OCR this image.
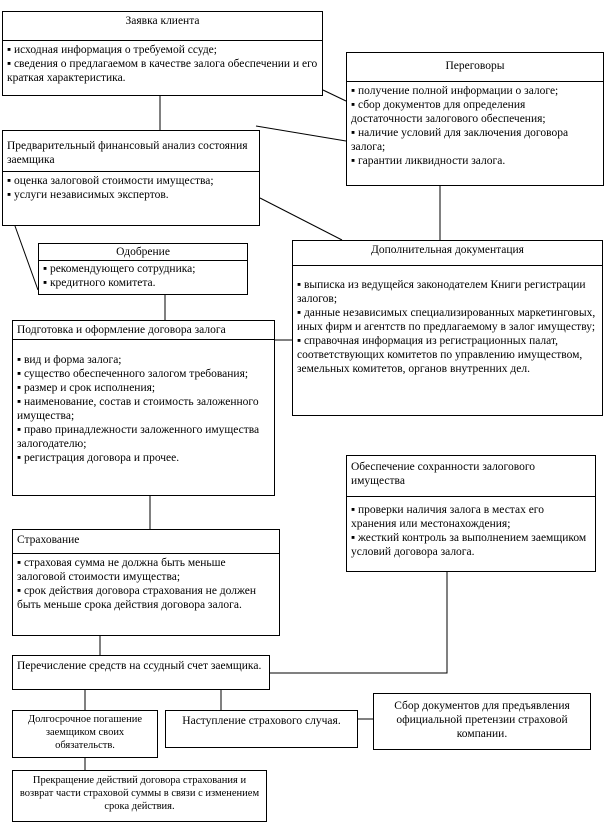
Заявка клиента
▪ исходная информация о требуемой ссуде;
▪ сведения о предлагаемом в качестве залога обеспечении и его краткая характеристика.
Переговоры
▪ получение полной информации о залоге;
▪ сбор документов для определения достаточности залогового обеспечения;
▪ наличие условий для заключения договора залога;
▪ гарантии ликвидности залога.
Предварительный финансовый анализ состояния заемщика
▪ оценка залоговой стоимости имущества;
▪ услуги независимых экспертов.
Одобрение
▪ рекомендующего сотрудника;
▪ кредитного комитета.
Дополнительная документация
▪ выписка из ведущейся законодателем Книги регистрации залогов;
▪ данные независимых специализированных маркетинговых, иных фирм и агентств по предлагаемому в залог имуществу;
▪ справочная информация из регистрационных палат, соответствующих комитетов по управлению имуществом, земельных комитетов, органов внутренних дел.
Подготовка и оформление договора залога
▪ вид и форма залога;
▪ существо обеспеченного залогом требования;
▪ размер и срок исполнения;
▪ наименование, состав и стоимость заложенного имущества;
▪ право принадлежности заложенного имущества залогодателю;
▪ регистрация договора и прочее.
Обеспечение сохранности залогового имущества
▪ проверки наличия залога в местах его хранения или местонахождения;
▪ жесткий контроль за выполнением заемщиком условий договора залога.
Страхование
▪ страховая сумма не должна быть меньше залоговой стоимости имущества;
▪ срок действия договора страхования не должен быть меньше срока действия договора залога.
Перечисление средств на ссудный счет заемщика.
Долгосрочное погашение заемщиком своих обязательств.
Наступление страхового случая.
Сбор документов для предъявления официальной претензии страховой компании.
Прекращение действий договора страхования и возврат части страховой суммы в связи с изменением срока действия.
